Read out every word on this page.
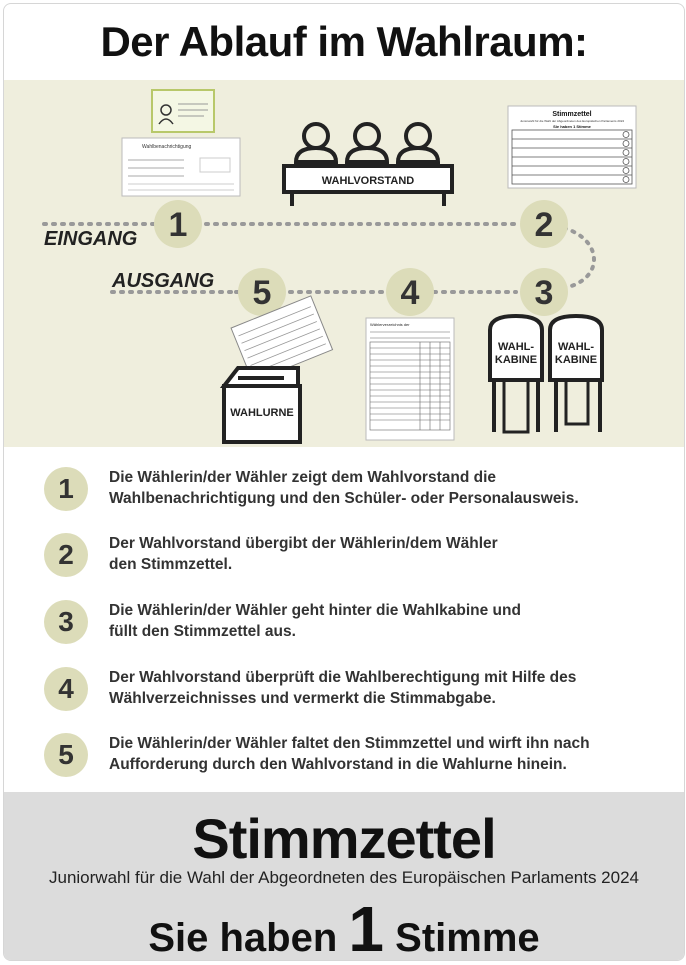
Der Ablauf im Wahlraum:
Wahlbenachrichtigung
WAHLVORSTAND
Stimmzettel
Juniorwahl für die Wahl der Abgeordneten des Europäischen Parlaments 2024
Sie haben 1 Stimme
1	2
3
4
5
WAHLURNE
Wählerverzeichnis der
WAHL-
KABINE
WAHL-
KABINE
EINGANG
AUSGANG
1	Die Wählerin/der Wähler zeigt dem Wahlvorstand die
Wahlbenachrichtigung und den Schüler- oder Personalausweis.
2	Der Wahlvorstand übergibt der Wählerin/dem Wähler
den Stimmzettel.
3	Die Wählerin/der Wähler geht hinter die Wahlkabine und
füllt den Stimmzettel aus.
4	Der Wahlvorstand überprüft die Wahlberechtigung mit Hilfe des
Wählverzeichnisses und vermerkt die Stimmabgabe.
5	Die Wählerin/der Wähler faltet den Stimmzettel und wirft ihn nach
Aufforderung durch den Wahlvorstand in die Wahlurne hinein.
Stimmzettel
Juniorwahl für die Wahl der Abgeordneten des Europäischen Parlaments 2024
Sie haben 1 Stimme
